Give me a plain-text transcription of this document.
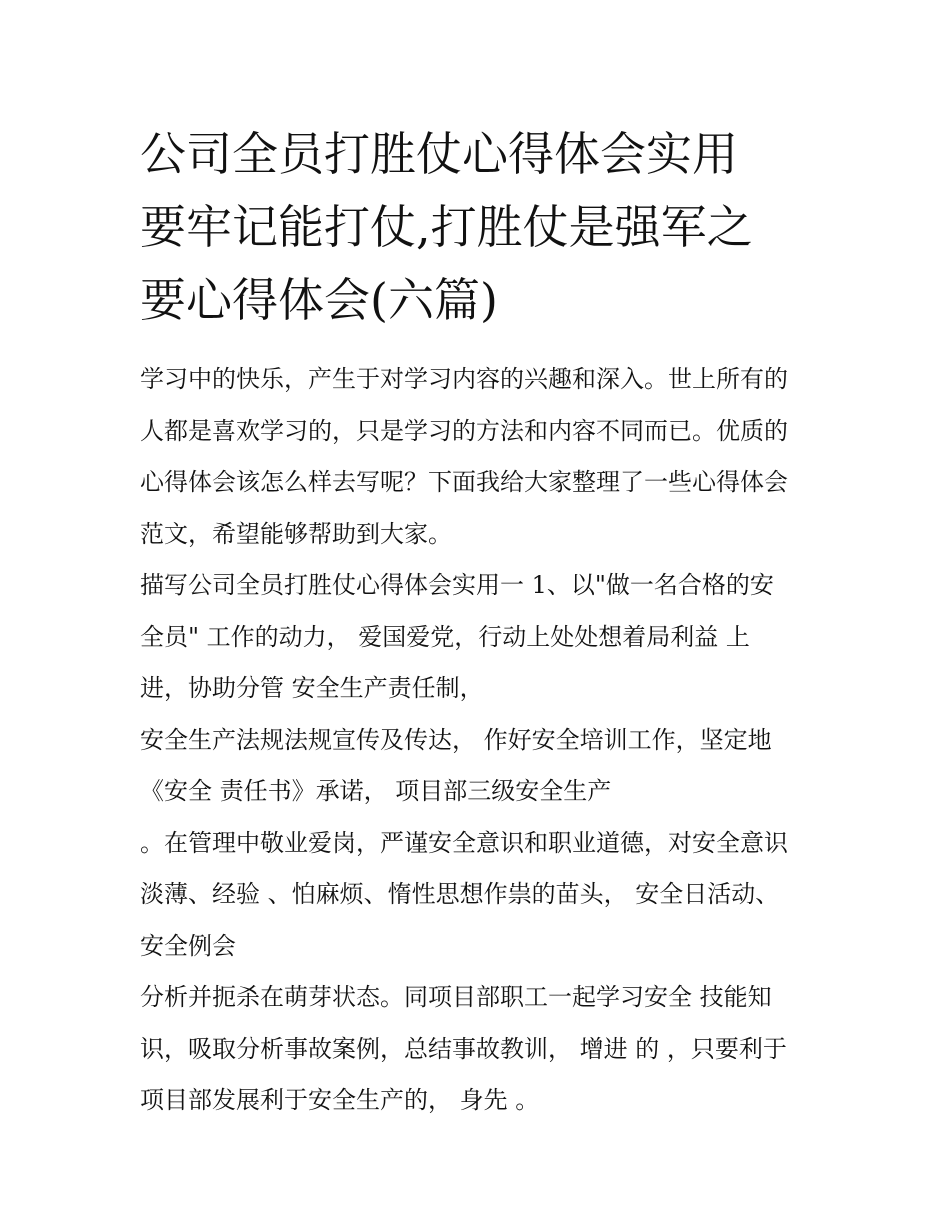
公司全员打胜仗心得体会实用
要牢记能打仗,打胜仗是强军之
要心得体会(六篇)
学习中的快乐，产生于对学习内容的兴趣和深入。世上所有的
人都是喜欢学习的，只是学习的方法和内容不同而已。优质的
心得体会该怎么样去写呢？下面我给大家整理了一些心得体会
范文，希望能够帮助到大家。
描写公司全员打胜仗心得体会实用一 1、以"做一名合格的安
全员" 工作的动力， 爱国爱党，行动上处处想着局利益 上
进，协助分管 安全生产责任制，
安全生产法规法规宣传及传达， 作好安全培训工作，坚定地
《安全 责任书》承诺， 项目部三级安全生产
。在管理中敬业爱岗，严谨安全意识和职业道德，对安全意识
淡薄、经验 、怕麻烦、惰性思想作祟的苗头， 安全日活动、
安全例会
分析并扼杀在萌芽状态。同项目部职工一起学习安全 技能知
识，吸取分析事故案例，总结事故教训， 增进 的 ，只要利于
项目部发展利于安全生产的， 身先 。
